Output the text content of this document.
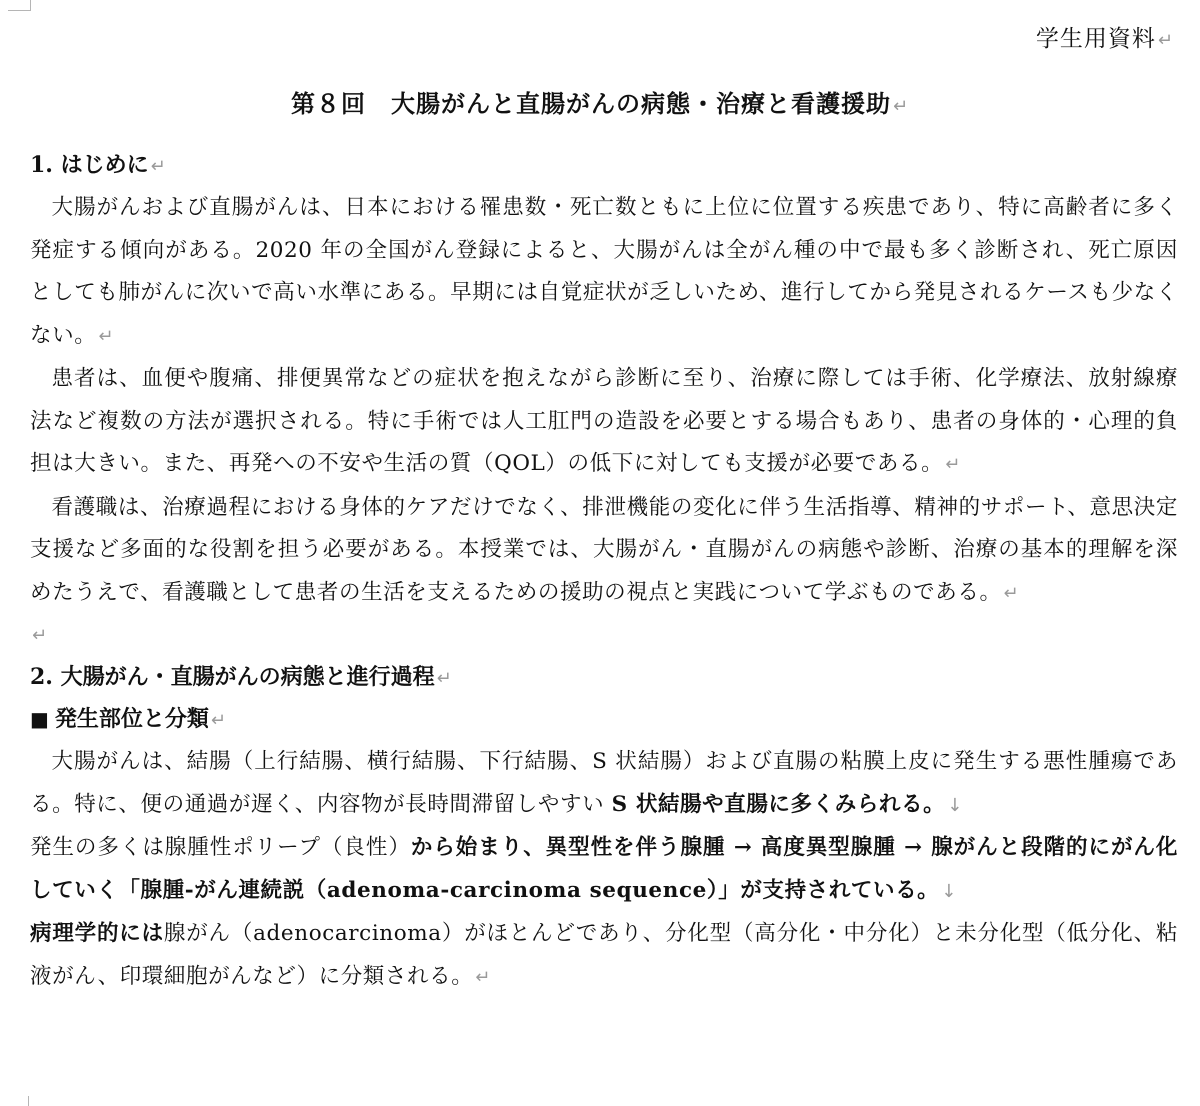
学生用資料 ↵
第８回　大腸がんと直腸がんの病態・治療と看護援助 ↵
1. はじめに ↵

大腸がんおよび直腸がんは、日本における罹患数・死亡数ともに上位に位置する疾患であり、特に高齢者に多く発症する傾向がある。2020 年の全国がん登録によると、大腸がんは全がん種の中で最も多く診断され、死亡原因としても肺がんに次いで高い水準にある。早期には自覚症状が乏しいため、進行してから発見されるケースも少なくない。 ↵

患者は、血便や腹痛、排便異常などの症状を抱えながら診断に至り、治療に際しては手術、化学療法、放射線療法など複数の方法が選択される。特に手術では人工肛門の造設を必要とする場合もあり、患者の身体的・心理的負担は大きい。また、再発への不安や生活の質（QOL）の低下に対しても支援が必要である。 ↵

看護職は、治療過程における身体的ケアだけでなく、排泄機能の変化に伴う生活指導、精神的サポート、意思決定支援など多面的な役割を担う必要がある。本授業では、大腸がん・直腸がんの病態や診断、治療の基本的理解を深めたうえで、看護職として患者の生活を支えるための援助の視点と実践について学ぶものである。 ↵

↵
2. 大腸がん・直腸がんの病態と進行過程 ↵
■ 発生部位と分類 ↵

大腸がんは、結腸（上行結腸、横行結腸、下行結腸、S 状結腸）および直腸の粘膜上皮に発生する悪性腫瘍である。特に、便の通過が遅く、内容物が長時間滞留しやすい S 状結腸や直腸に多くみられる。 ↓

発生の多くは腺腫性ポリープ（良性）から始まり、異型性を伴う腺腫 → 高度異型腺腫 → 腺がんと段階的にがん化していく「腺腫-がん連続説（adenoma-carcinoma sequence）」が支持されている。 ↓

病理学的には腺がん（adenocarcinoma）がほとんどであり、分化型（高分化・中分化）と未分化型（低分化、粘液がん、印環細胞がんなど）に分類される。 ↵
